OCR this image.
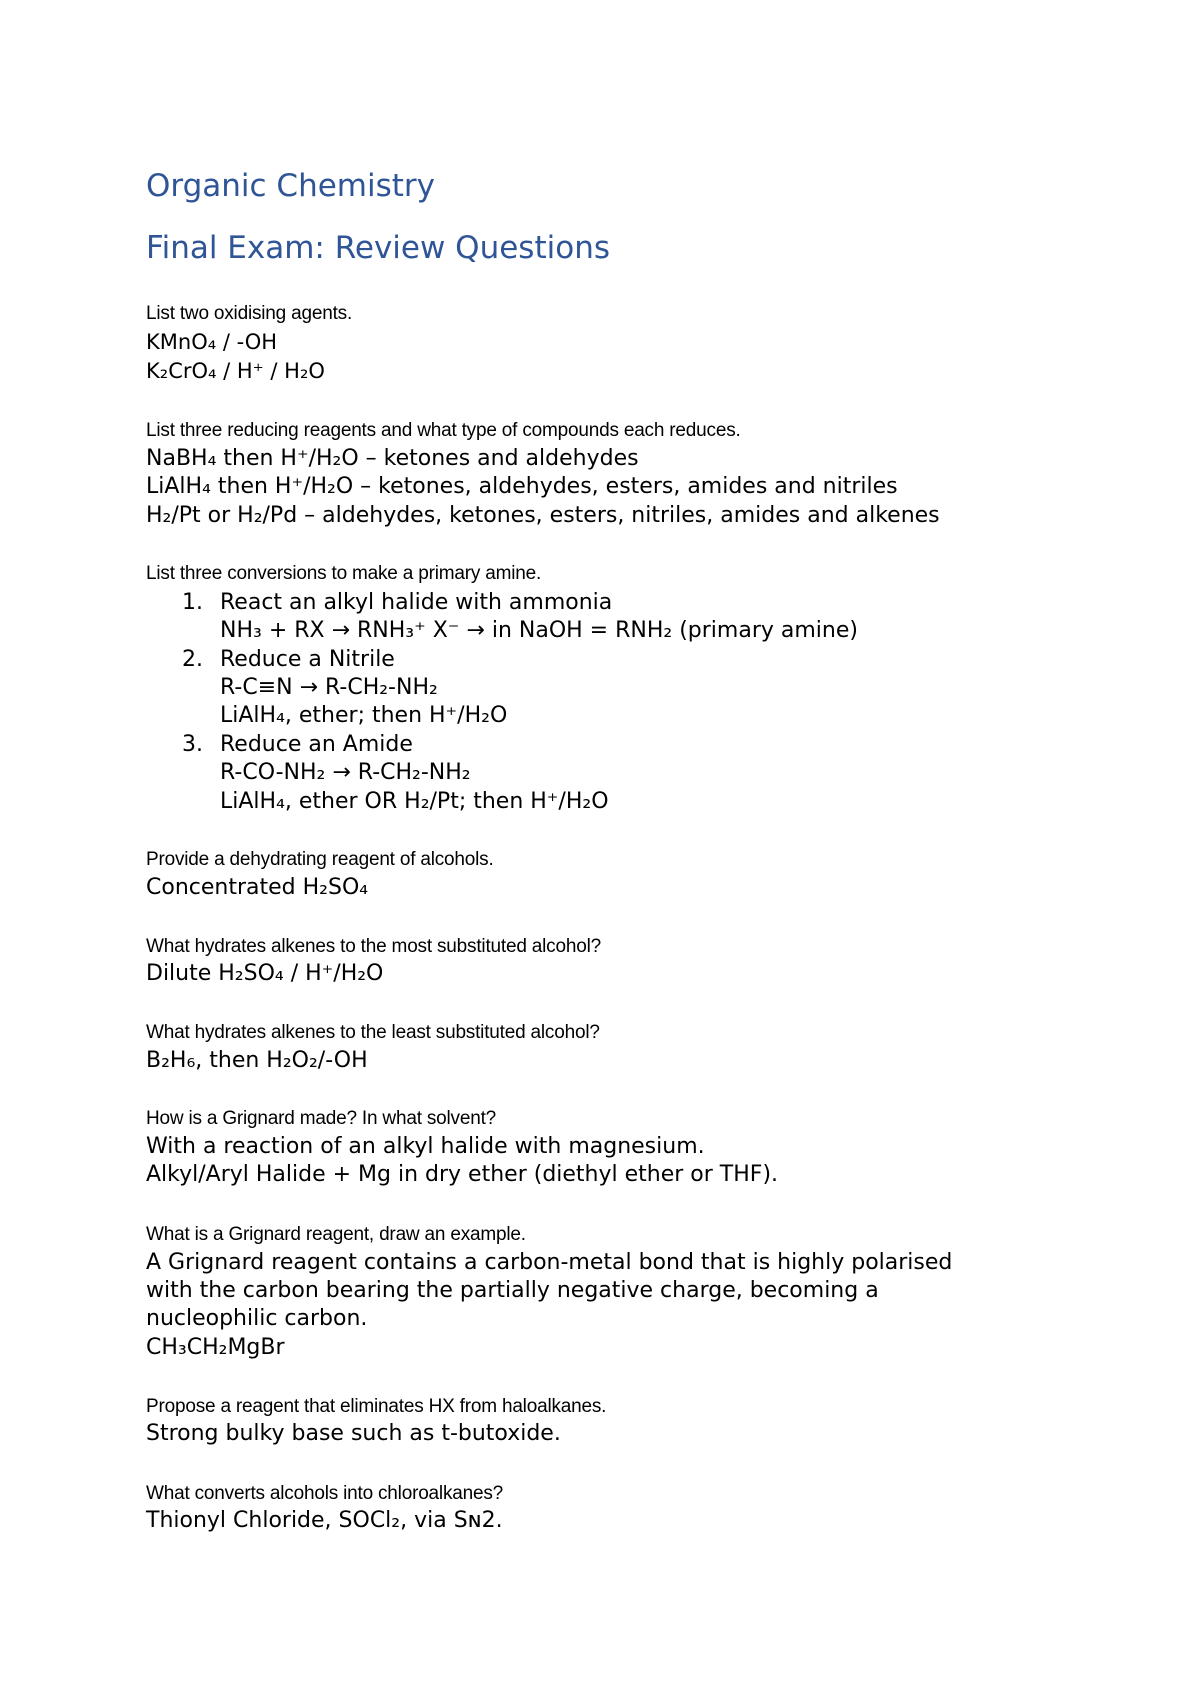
Organic Chemistry
Final Exam: Review Questions
List two oxidising agents.
KMnO₄ / -OH
K₂CrO₄ / H⁺ / H₂O
List three reducing reagents and what type of compounds each reduces.
NaBH₄ then H⁺/H₂O – ketones and aldehydes
LiAlH₄ then H⁺/H₂O – ketones, aldehydes, esters, amides and nitriles
H₂/Pt or H₂/Pd – aldehydes, ketones, esters, nitriles, amides and alkenes
List three conversions to make a primary amine.
1. React an alkyl halide with ammonia
NH₃ + RX → RNH₃⁺ X⁻ → in NaOH = RNH₂ (primary amine)
2. Reduce a Nitrile
R-C≡N → R-CH₂-NH₂
LiAlH₄, ether; then H⁺/H₂O
3. Reduce an Amide
R-CO-NH₂ → R-CH₂-NH₂
LiAlH₄, ether OR H₂/Pt; then H⁺/H₂O
Provide a dehydrating reagent of alcohols.
Concentrated H₂SO₄
What hydrates alkenes to the most substituted alcohol?
Dilute H₂SO₄ / H⁺/H₂O
What hydrates alkenes to the least substituted alcohol?
B₂H₆, then H₂O₂/-OH
How is a Grignard made? In what solvent?
With a reaction of an alkyl halide with magnesium.
Alkyl/Aryl Halide + Mg in dry ether (diethyl ether or THF).
What is a Grignard reagent, draw an example.
A Grignard reagent contains a carbon-metal bond that is highly polarised
with the carbon bearing the partially negative charge, becoming a
nucleophilic carbon.
CH₃CH₂MgBr
Propose a reagent that eliminates HX from haloalkanes.
Strong bulky base such as t-butoxide.
What converts alcohols into chloroalkanes?
Thionyl Chloride, SOCl₂, via Sɴ2.
